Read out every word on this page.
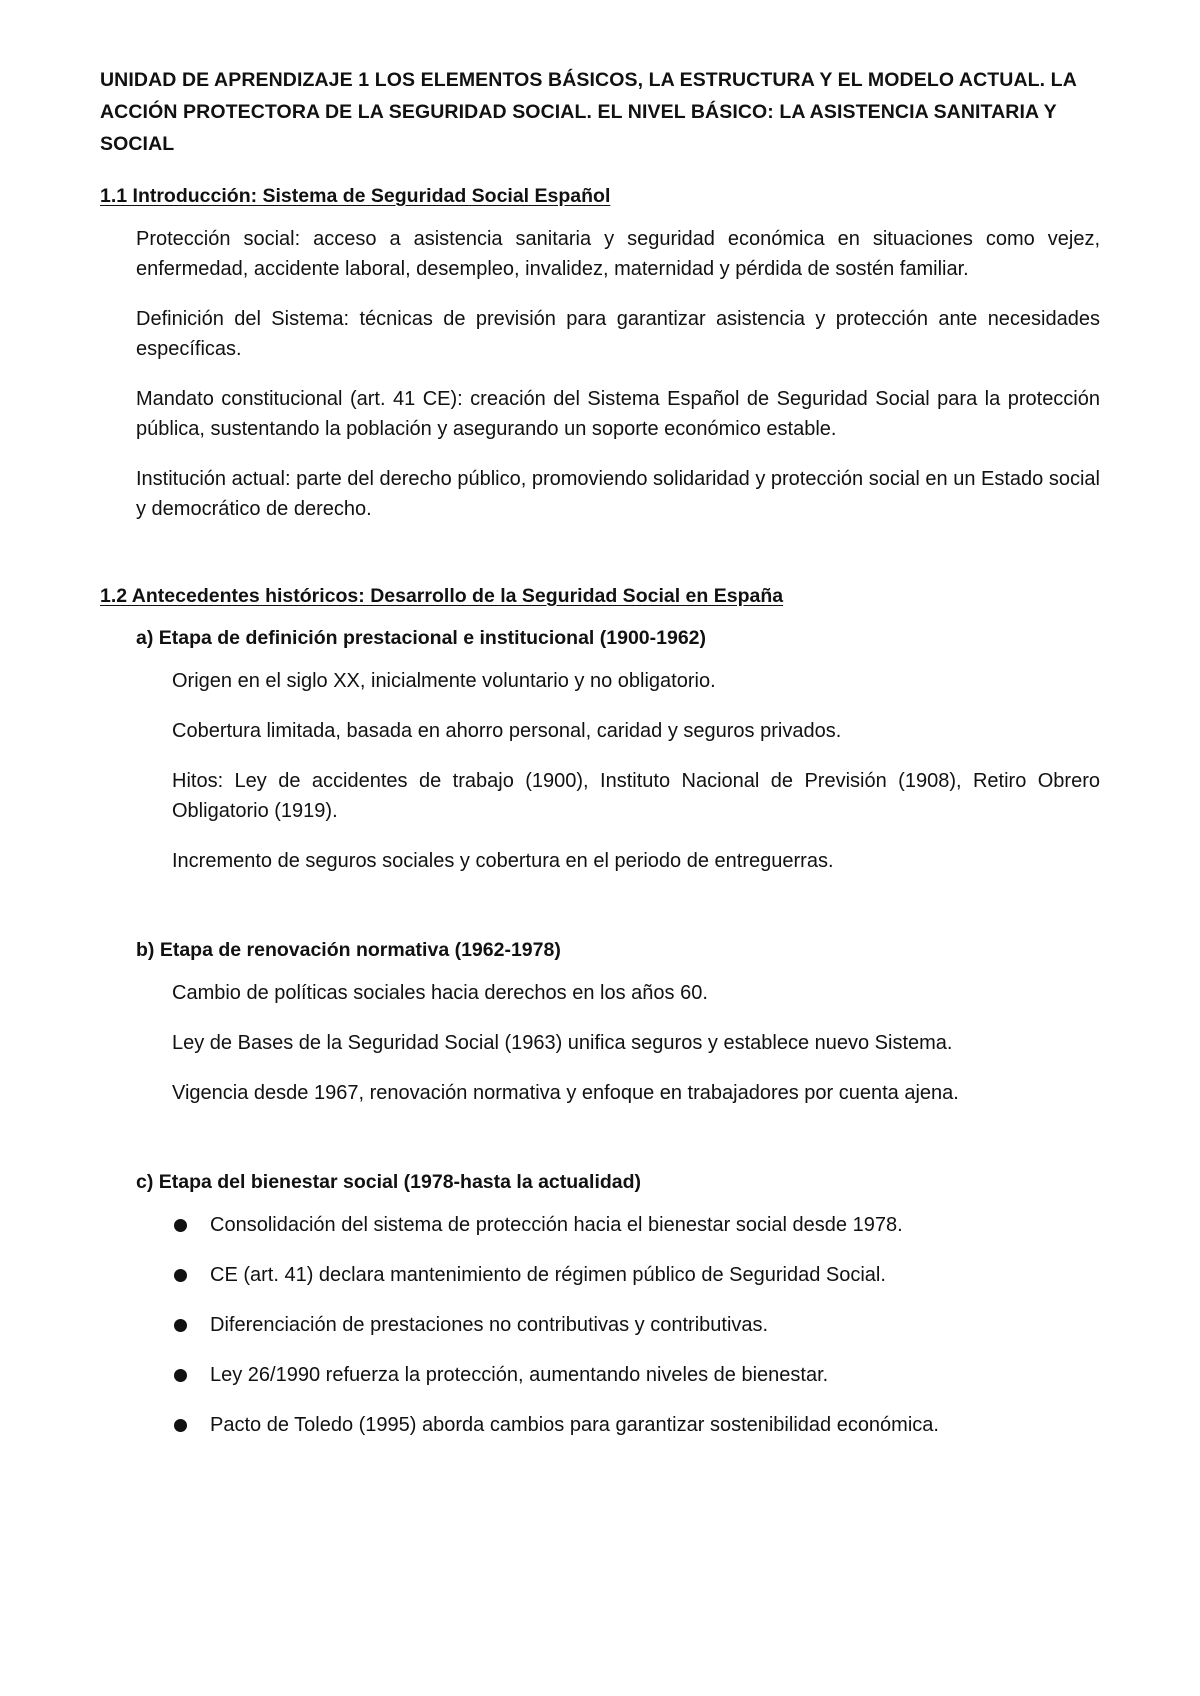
UNIDAD DE APRENDIZAJE 1 LOS ELEMENTOS BÁSICOS, LA ESTRUCTURA Y EL MODELO ACTUAL. LA ACCIÓN PROTECTORA DE LA SEGURIDAD SOCIAL. EL NIVEL BÁSICO: LA ASISTENCIA SANITARIA Y SOCIAL
1.1 Introducción: Sistema de Seguridad Social Español

Protección social: acceso a asistencia sanitaria y seguridad económica en situaciones como vejez, enfermedad, accidente laboral, desempleo, invalidez, maternidad y pérdida de sostén familiar.

Definición del Sistema: técnicas de previsión para garantizar asistencia y protección ante necesidades específicas.

Mandato constitucional (art. 41 CE): creación del Sistema Español de Seguridad Social para la protección pública, sustentando la población y asegurando un soporte económico estable.

Institución actual: parte del derecho público, promoviendo solidaridad y protección social en un Estado social y democrático de derecho.

1.2 Antecedentes históricos: Desarrollo de la Seguridad Social en España
a) Etapa de definición prestacional e institucional (1900-1962)

Origen en el siglo XX, inicialmente voluntario y no obligatorio.

Cobertura limitada, basada en ahorro personal, caridad y seguros privados.

Hitos: Ley de accidentes de trabajo (1900), Instituto Nacional de Previsión (1908), Retiro Obrero Obligatorio (1919).

Incremento de seguros sociales y cobertura en el periodo de entreguerras.

b) Etapa de renovación normativa (1962-1978)

Cambio de políticas sociales hacia derechos en los años 60.

Ley de Bases de la Seguridad Social (1963) unifica seguros y establece nuevo Sistema.

Vigencia desde 1967, renovación normativa y enfoque en trabajadores por cuenta ajena.

c) Etapa del bienestar social (1978-hasta la actualidad)
Consolidación del sistema de protección hacia el bienestar social desde 1978.
CE (art. 41) declara mantenimiento de régimen público de Seguridad Social.
Diferenciación de prestaciones no contributivas y contributivas.
Ley 26/1990 refuerza la protección, aumentando niveles de bienestar.
Pacto de Toledo (1995) aborda cambios para garantizar sostenibilidad económica.
